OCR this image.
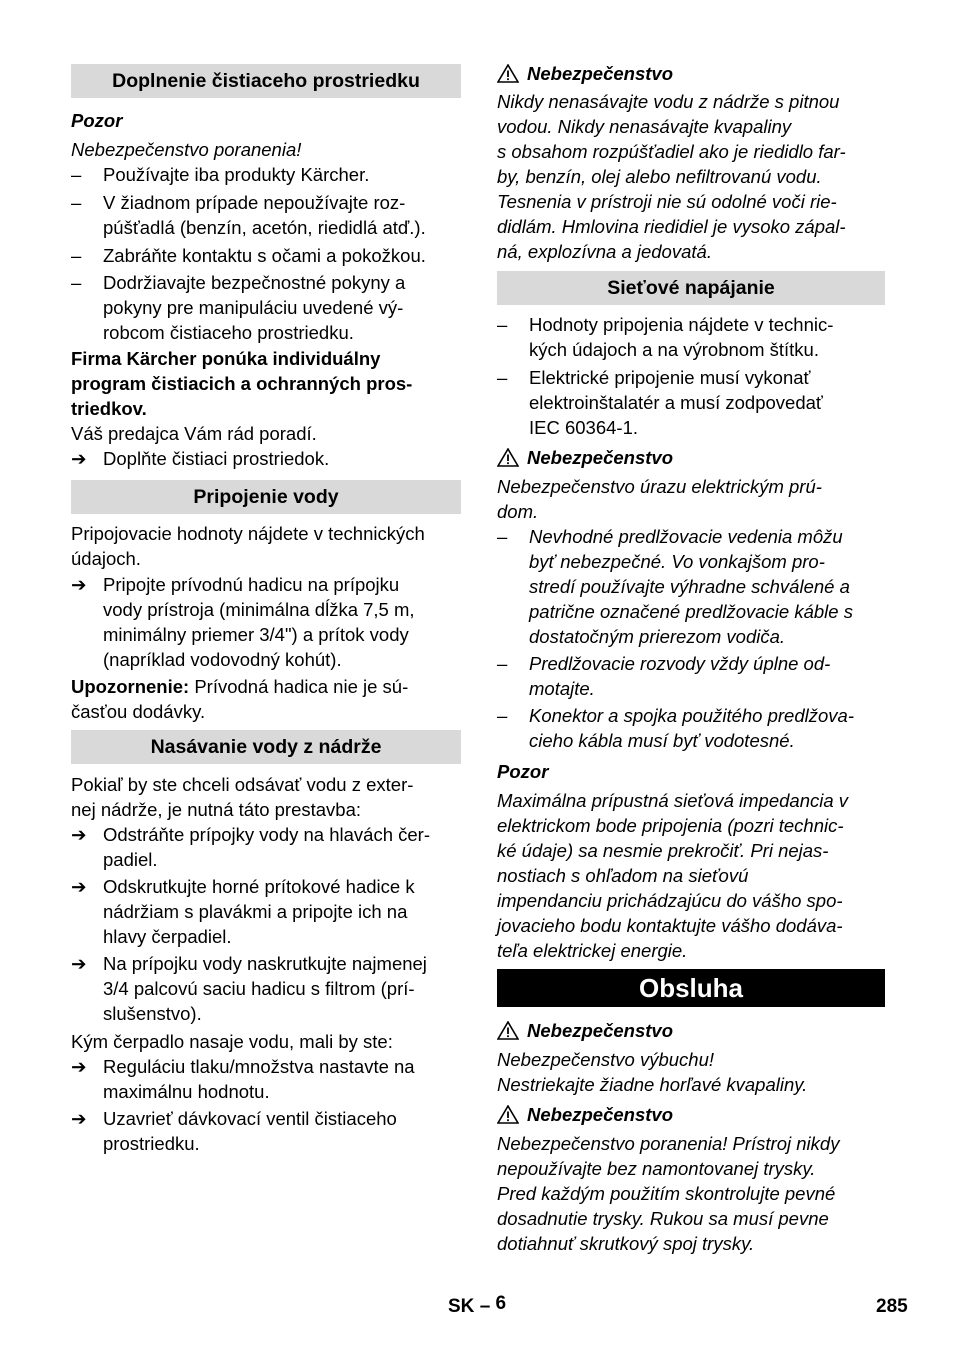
Doplnenie čistiaceho prostriedku
Pozor
Nebezpečenstvo poranenia!
–	Používajte iba produkty Kärcher.
–	V žiadnom prípade nepoužívajte roz-
púšťadlá (benzín, acetón, riedidlá atď.).
–	Zabráňte kontaktu s očami a pokožkou.
–	Dodržiavajte bezpečnostné pokyny a
pokyny pre manipuláciu uvedené vý-
robcom čistiaceho prostriedku.
Firma Kärcher ponúka individuálny
program čistiacich a ochranných pros-
triedkov.
Váš predajca Vám rád poradí.
➔ Doplňte čistiaci prostriedok.
Pripojenie vody
Pripojovacie hodnoty nájdete v technických
údajoch.
➔ Pripojte prívodnú hadicu na prípojku
vody prístroja (minimálna dĺžka 7,5 m,
minimálny priemer 3/4") a prítok vody
(napríklad vodovodný kohút).
Upozornenie: Prívodná hadica nie je sú-
časťou dodávky.
Nasávanie vody z nádrže
Pokiaľ by ste chceli odsávať vodu z exter-
nej nádrže, je nutná táto prestavba:
➔ Odstráňte prípojky vody na hlavách čer-
padiel.
➔ Odskrutkujte horné prítokové hadice k
nádržiam s plavákmi a pripojte ich na
hlavy čerpadiel.
➔ Na prípojku vody naskrutkujte najmenej
3/4 palcovú saciu hadicu s filtrom (prí-
slušenstvo).
Kým čerpadlo nasaje vodu, mali by ste:
➔ Reguláciu tlaku/množstva nastavte na
maximálnu hodnotu.
➔ Uzavrieť dávkovací ventil čistiaceho
prostriedku.
Nebezpečenstvo
Nikdy nenasávajte vodu z nádrže s pitnou
vodou. Nikdy nenasávajte kvapaliny
s obsahom rozpúšťadiel ako je riedidlo far-
by, benzín, olej alebo nefiltrovanú vodu.
Tesnenia v prístroji nie sú odolné voči rie-
didlám. Hmlovina riedidiel je vysoko zápal-
ná, explozívna a jedovatá.
Sieťové napájanie
–	Hodnoty pripojenia nájdete v technic-
kých údajoch a na výrobnom štítku.
–	Elektrické pripojenie musí vykonať
elektroinštalatér a musí zodpovedať
IEC 60364-1.
Nebezpečenstvo
Nebezpečenstvo úrazu elektrickým prú-
dom.
–	Nevhodné predlžovacie vedenia môžu
byť nebezpečné. Vo vonkajšom pro-
stredí používajte výhradne schválené a
patrične označené predlžovacie káble s
dostatočným prierezom vodiča.
–	Predlžovacie rozvody vždy úplne od-
motajte.
–	Konektor a spojka použitého predlžova-
cieho kábla musí byť vodotesné.
Pozor
Maximálna prípustná sieťová impedancia v
elektrickom bode pripojenia (pozri technic-
ké údaje) sa nesmie prekročiť. Pri nejas-
nostiach s ohľadom na sieťovú
impendanciu prichádzajúcu do vášho spo-
jovacieho bodu kontaktujte vášho dodáva-
teľa elektrickej energie.
Obsluha
Nebezpečenstvo
Nebezpečenstvo výbuchu!
Nestriekajte žiadne horľavé kvapaliny.
Nebezpečenstvo
Nebezpečenstvo poranenia! Prístroj nikdy
nepoužívajte bez namontovanej trysky.
Pred každým použitím skontrolujte pevné
dosadnutie trysky. Rukou sa musí pevne
dotiahnuť skrutkový spoj trysky.
SK – 6	285
